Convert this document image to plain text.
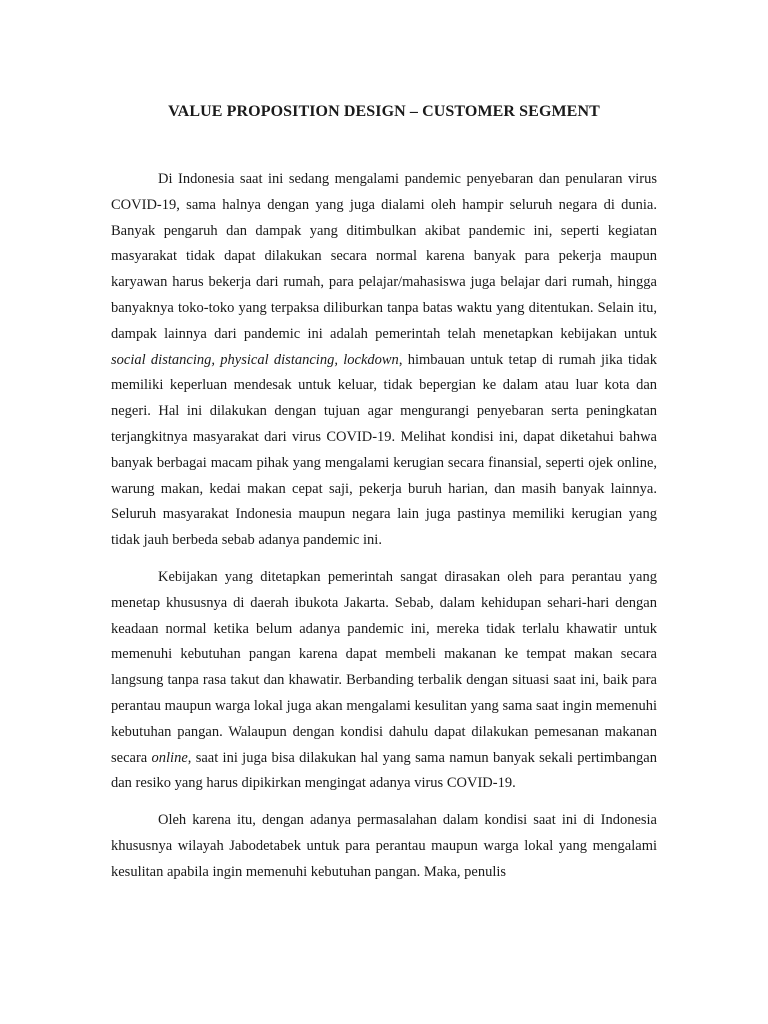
VALUE PROPOSITION DESIGN – CUSTOMER SEGMENT

Di Indonesia saat ini sedang mengalami pandemic penyebaran dan penularan virus COVID-19, sama halnya dengan yang juga dialami oleh hampir seluruh negara di dunia. Banyak pengaruh dan dampak yang ditimbulkan akibat pandemic ini, seperti kegiatan masyarakat tidak dapat dilakukan secara normal karena banyak para pekerja maupun karyawan harus bekerja dari rumah, para pelajar/mahasiswa juga belajar dari rumah, hingga banyaknya toko-toko yang terpaksa diliburkan tanpa batas waktu yang ditentukan. Selain itu, dampak lainnya dari pandemic ini adalah pemerintah telah menetapkan kebijakan untuk social distancing, physical distancing, lockdown, himbauan untuk tetap di rumah jika tidak memiliki keperluan mendesak untuk keluar, tidak bepergian ke dalam atau luar kota dan negeri. Hal ini dilakukan dengan tujuan agar mengurangi penyebaran serta peningkatan terjangkitnya masyarakat dari virus COVID-19. Melihat kondisi ini, dapat diketahui bahwa banyak berbagai macam pihak yang mengalami kerugian secara finansial, seperti ojek online, warung makan, kedai makan cepat saji, pekerja buruh harian, dan masih banyak lainnya. Seluruh masyarakat Indonesia maupun negara lain juga pastinya memiliki kerugian yang tidak jauh berbeda sebab adanya pandemic ini.

Kebijakan yang ditetapkan pemerintah sangat dirasakan oleh para perantau yang menetap khususnya di daerah ibukota Jakarta. Sebab, dalam kehidupan sehari-hari dengan keadaan normal ketika belum adanya pandemic ini, mereka tidak terlalu khawatir untuk memenuhi kebutuhan pangan karena dapat membeli makanan ke tempat makan secara langsung tanpa rasa takut dan khawatir. Berbanding terbalik dengan situasi saat ini, baik para perantau maupun warga lokal juga akan mengalami kesulitan yang sama saat ingin memenuhi kebutuhan pangan. Walaupun dengan kondisi dahulu dapat dilakukan pemesanan makanan secara online, saat ini juga bisa dilakukan hal yang sama namun banyak sekali pertimbangan dan resiko yang harus dipikirkan mengingat adanya virus COVID-19.

Oleh karena itu, dengan adanya permasalahan dalam kondisi saat ini di Indonesia khususnya wilayah Jabodetabek untuk para perantau maupun warga lokal yang mengalami kesulitan apabila ingin memenuhi kebutuhan pangan. Maka, penulis
